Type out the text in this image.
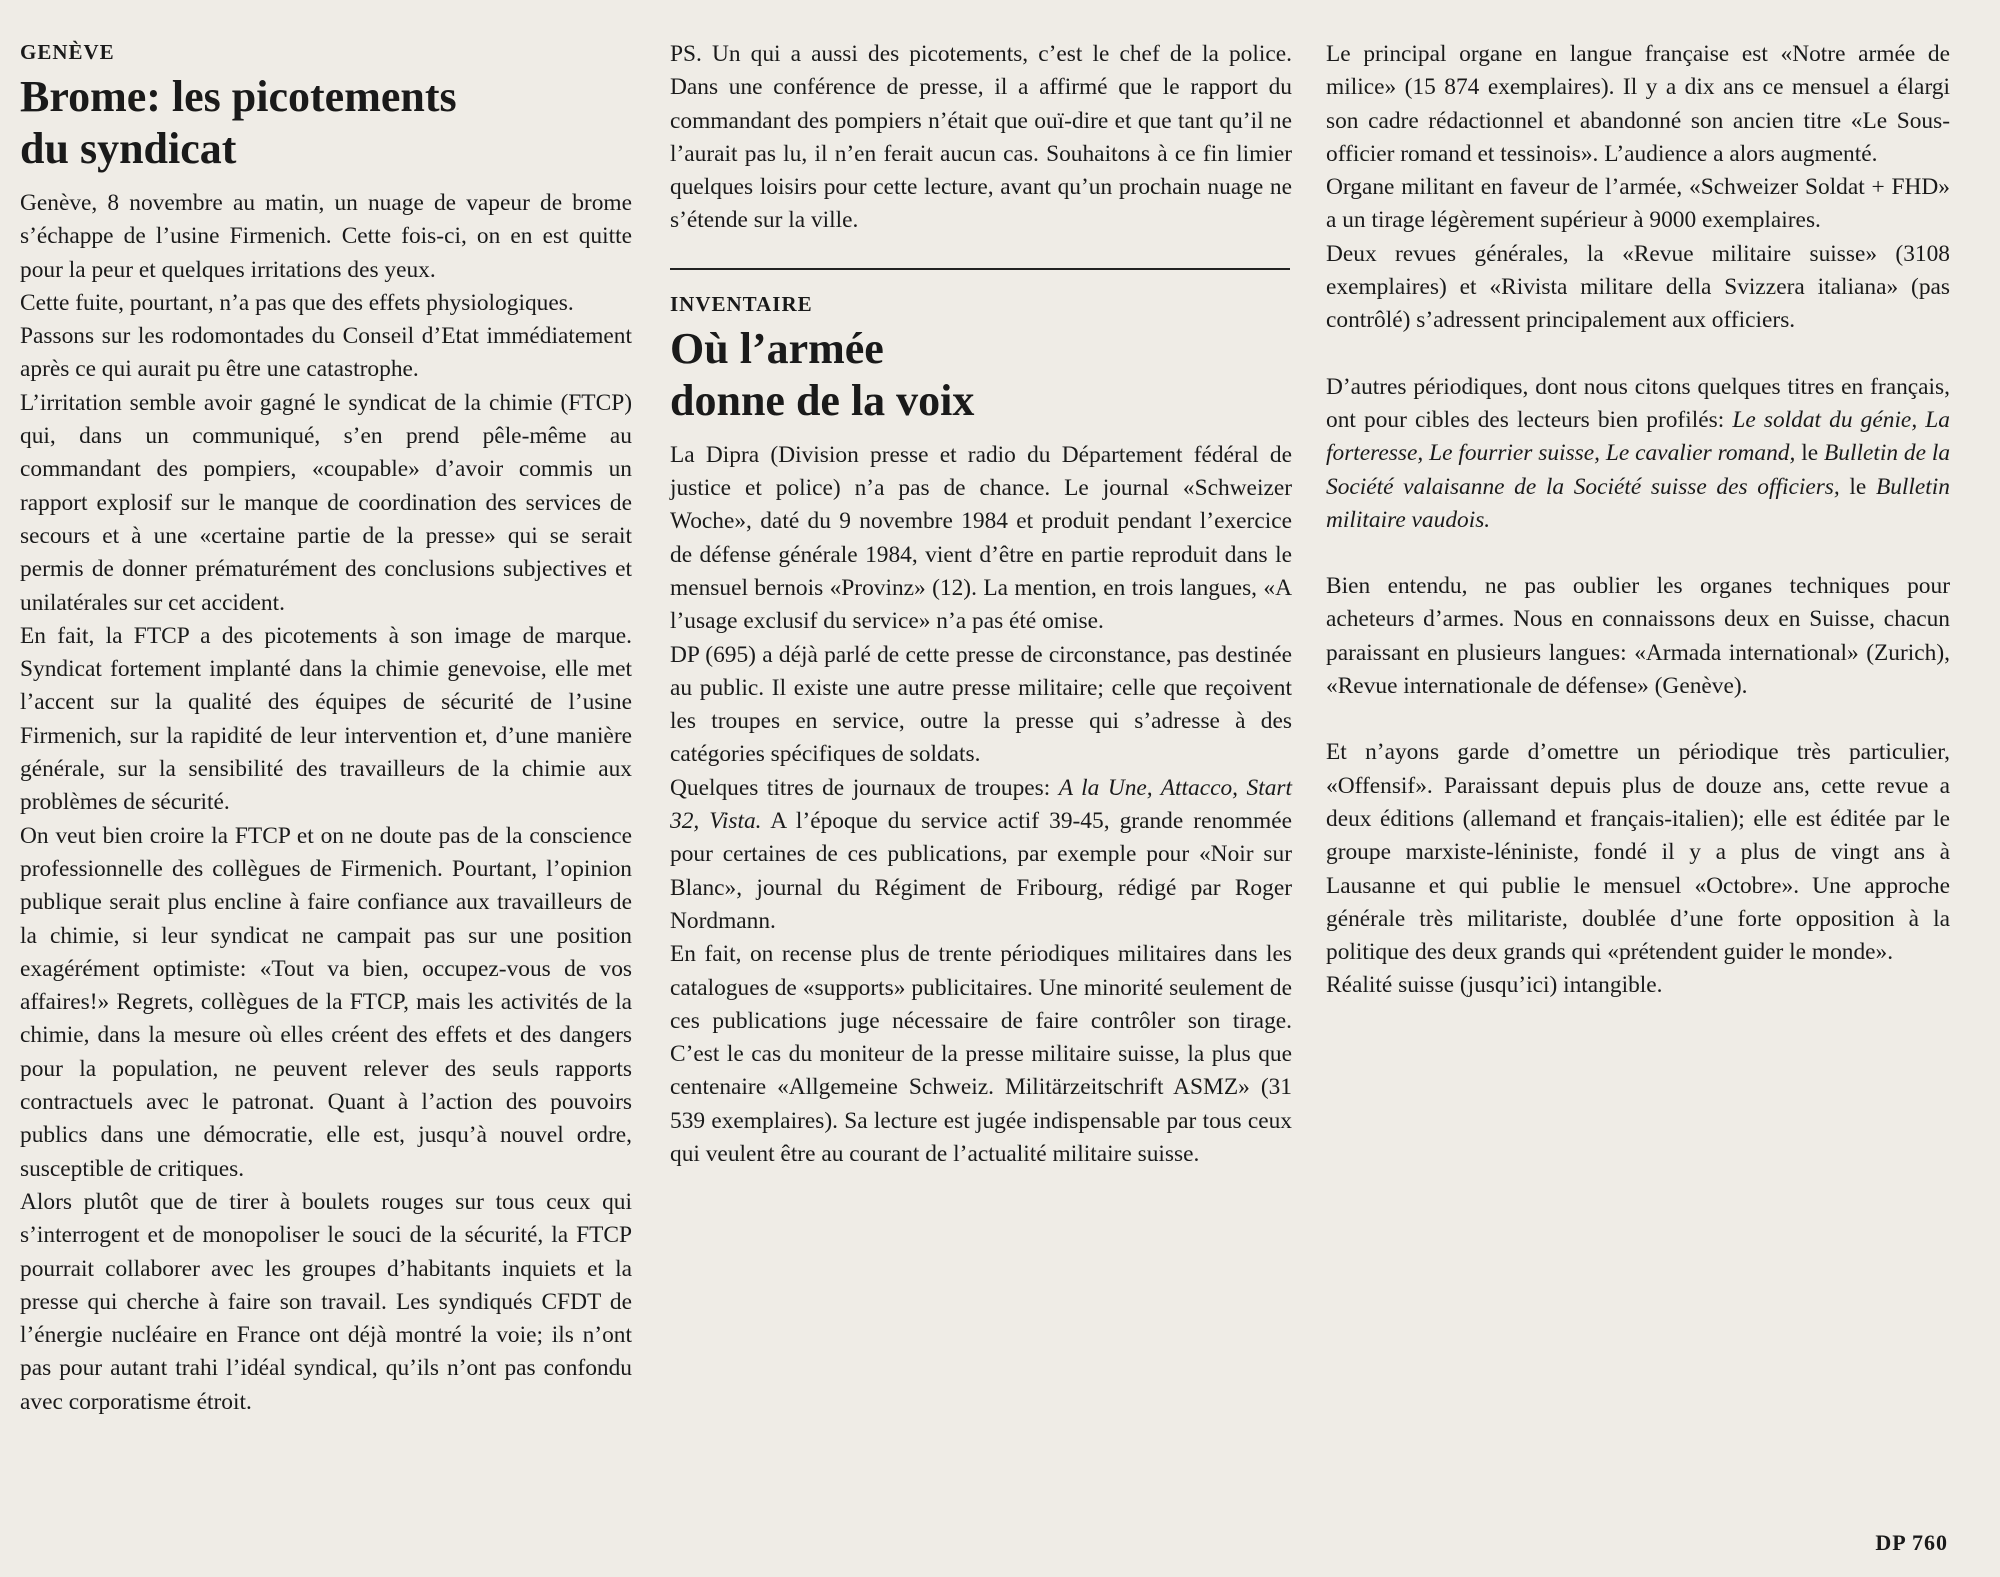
GENÈVE
Brome: les picotements
du syndicat

Genève, 8 novembre au matin, un nuage de vapeur de brome s’échappe de l’usine Firmenich. Cette fois-ci, on en est quitte pour la peur et quelques irritations des yeux.

Cette fuite, pourtant, n’a pas que des effets physiologiques.

Passons sur les rodomontades du Conseil d’Etat immédiatement après ce qui aurait pu être une catastrophe.

L’irritation semble avoir gagné le syndicat de la chimie (FTCP) qui, dans un communiqué, s’en prend pêle-même au commandant des pompiers, «coupable» d’avoir commis un rapport explosif sur le manque de coordination des services de secours et à une «certaine partie de la presse» qui se serait permis de donner prématurément des conclusions subjectives et unilatérales sur cet accident.

En fait, la FTCP a des picotements à son image de marque. Syndicat fortement implanté dans la chimie genevoise, elle met l’accent sur la qualité des équipes de sécurité de l’usine Firmenich, sur la rapidité de leur intervention et, d’une manière générale, sur la sensibilité des travailleurs de la chimie aux problèmes de sécurité.

On veut bien croire la FTCP et on ne doute pas de la conscience professionnelle des collègues de Firmenich. Pourtant, l’opinion publique serait plus encline à faire confiance aux travailleurs de la chimie, si leur syndicat ne campait pas sur une position exagérément optimiste: «Tout va bien, occupez-vous de vos affaires!» Regrets, collègues de la FTCP, mais les activités de la chimie, dans la mesure où elles créent des effets et des dangers pour la population, ne peuvent relever des seuls rapports contractuels avec le patronat. Quant à l’action des pouvoirs publics dans une démocratie, elle est, jusqu’à nouvel ordre, susceptible de critiques.

Alors plutôt que de tirer à boulets rouges sur tous ceux qui s’interrogent et de monopoliser le souci de la sécurité, la FTCP pourrait collaborer avec les groupes d’habitants inquiets et la presse qui cherche à faire son travail. Les syndiqués CFDT de l’énergie nucléaire en France ont déjà montré la voie; ils n’ont pas pour autant trahi l’idéal syndical, qu’ils n’ont pas confondu avec corporatisme étroit.

PS. Un qui a aussi des picotements, c’est le chef de la police. Dans une conférence de presse, il a affirmé que le rapport du commandant des pompiers n’était que ouï-dire et que tant qu’il ne l’aurait pas lu, il n’en ferait aucun cas. Souhaitons à ce fin limier quelques loisirs pour cette lecture, avant qu’un prochain nuage ne s’étende sur la ville.

INVENTAIRE
Où l’armée
donne de la voix

La Dipra (Division presse et radio du Département fédéral de justice et police) n’a pas de chance. Le journal «Schweizer Woche», daté du 9 novembre 1984 et produit pendant l’exercice de défense générale 1984, vient d’être en partie reproduit dans le mensuel bernois «Provinz» (12). La mention, en trois langues, «A l’usage exclusif du service» n’a pas été omise.

DP (695) a déjà parlé de cette presse de circonstance, pas destinée au public. Il existe une autre presse militaire; celle que reçoivent les troupes en service, outre la presse qui s’adresse à des catégories spécifiques de soldats.

Quelques titres de journaux de troupes: A la Une, Attacco, Start 32, Vista. A l’époque du service actif 39-45, grande renommée pour certaines de ces publications, par exemple pour «Noir sur Blanc», journal du Régiment de Fribourg, rédigé par Roger Nordmann.

En fait, on recense plus de trente périodiques militaires dans les catalogues de «supports» publicitaires. Une minorité seulement de ces publications juge nécessaire de faire contrôler son tirage. C’est le cas du moniteur de la presse militaire suisse, la plus que centenaire «Allgemeine Schweiz. Militärzeitschrift ASMZ» (31 539 exemplaires). Sa lecture est jugée indispensable par tous ceux qui veulent être au courant de l’actualité militaire suisse.

Le principal organe en langue française est «Notre armée de milice» (15 874 exemplaires). Il y a dix ans ce mensuel a élargi son cadre rédactionnel et abandonné son ancien titre «Le Sous-officier romand et tessinois». L’audience a alors augmenté.

Organe militant en faveur de l’armée, «Schweizer Soldat + FHD» a un tirage légèrement supérieur à 9000 exemplaires.

Deux revues générales, la «Revue militaire suisse» (3108 exemplaires) et «Rivista militare della Svizzera italiana» (pas contrôlé) s’adressent principalement aux officiers.

D’autres périodiques, dont nous citons quelques titres en français, ont pour cibles des lecteurs bien profilés: Le soldat du génie, La forteresse, Le fourrier suisse, Le cavalier romand, le Bulletin de la Société valaisanne de la Société suisse des officiers, le Bulletin militaire vaudois.

Bien entendu, ne pas oublier les organes techniques pour acheteurs d’armes. Nous en connaissons deux en Suisse, chacun paraissant en plusieurs langues: «Armada international» (Zurich), «Revue internationale de défense» (Genève).

Et n’ayons garde d’omettre un périodique très particulier, «Offensif». Paraissant depuis plus de douze ans, cette revue a deux éditions (allemand et français-italien); elle est éditée par le groupe marxiste-léniniste, fondé il y a plus de vingt ans à Lausanne et qui publie le mensuel «Octobre». Une approche générale très militariste, doublée d’une forte opposition à la politique des deux grands qui «prétendent guider le monde».

Réalité suisse (jusqu’ici) intangible.

DP 760
